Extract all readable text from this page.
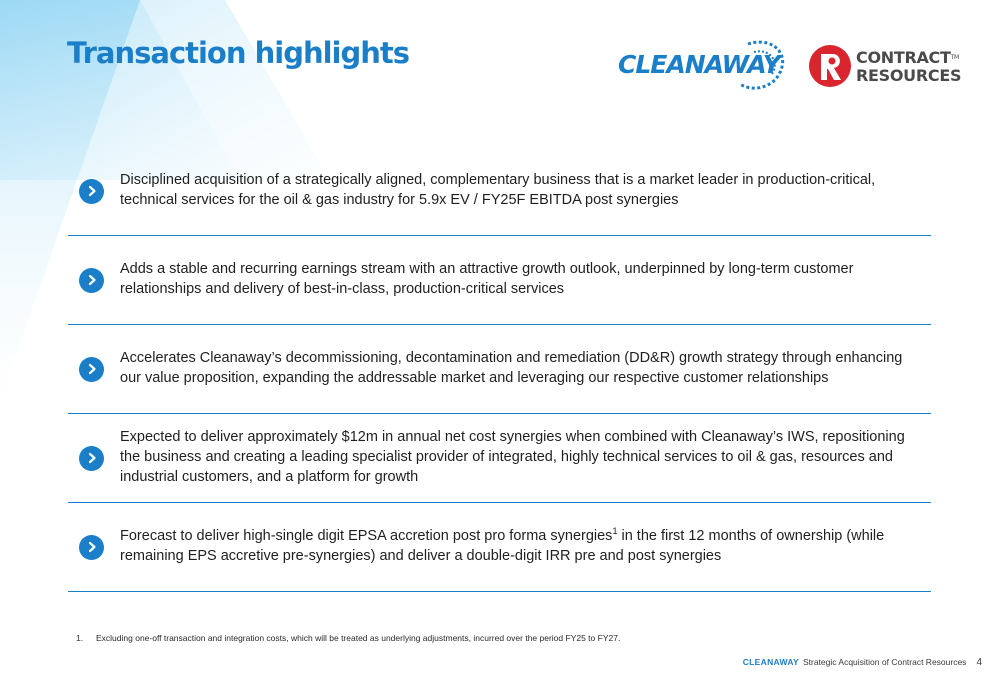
Transaction highlights	CLEANAWAY	CONTRACT™
RESOURCES
Disciplined acquisition of a strategically aligned, complementary business that is a market leader in production-critical, technical services for the oil & gas industry for 5.9x EV / FY25F EBITDA post synergies
Adds a stable and recurring earnings stream with an attractive growth outlook, underpinned by long-term customer relationships and delivery of best-in-class, production-critical services
Accelerates Cleanaway’s decommissioning, decontamination and remediation (DD&R) growth strategy through enhancing our value proposition, expanding the addressable market and leveraging our respective customer relationships
Expected to deliver approximately $12m in annual net cost synergies when combined with Cleanaway’s IWS, repositioning the business and creating a leading specialist provider of integrated, highly technical services to oil & gas, resources and industrial customers, and a platform for growth
Forecast to deliver high-single digit EPSA accretion post pro forma synergies$^1$ in the first 12 months of ownership (while remaining EPS accretive pre-synergies) and deliver a double-digit IRR pre and post synergies
1. Excluding one-off transaction and integration costs, which will be treated as underlying adjustments, incurred over the period FY25 to FY27.
CLEANAWAY Strategic Acquisition of Contract Resources 4
